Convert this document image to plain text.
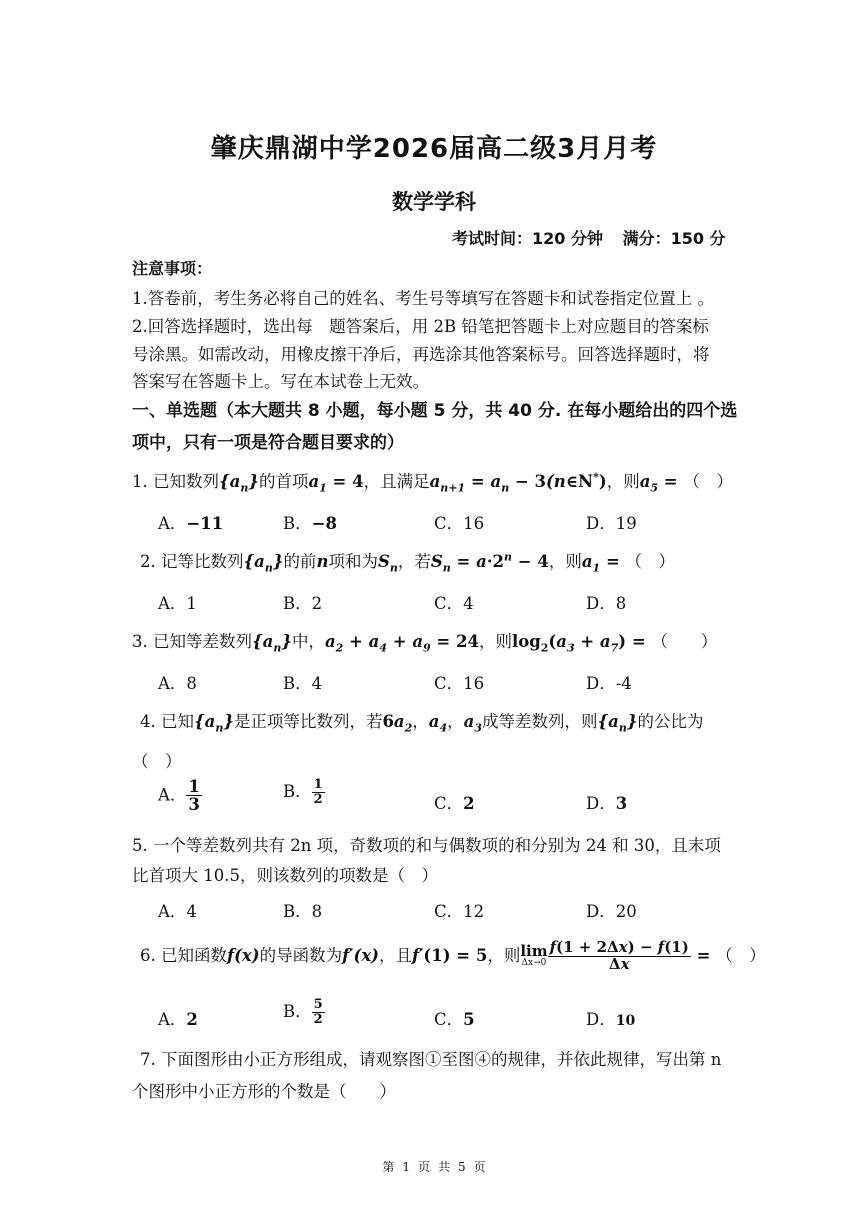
肇庆鼎湖中学2026届高二级3月月考
数学学科
考试时间：120 分钟 满分：150 分
注意事项：
1.答卷前，考生务必将自己的姓名、考生号等填写在答题卡和试卷指定位置上 。
2.回答选择题时，选出每　题答案后，用 2B 铅笔把答题卡上对应题目的答案标
号涂黑。如需改动，用橡皮擦干净后，再选涂其他答案标号。回答选择题时，将
答案写在答题卡上。写在本试卷上无效。
一、单选题（本大题共 8 小题，每小题 5 分，共 40 分. 在每小题给出的四个选
项中，只有一项是符合题目要求的）
1. 已知数列$\{a_n\}$的首项$a_1 = 4$，且满足$a_{n+1} = a_n$ − 3(n∈N*)，则$a_5$ = （　）
A．−11	B．−8	C．16	D．19
2. 记等比数列$\{a_n\}$的前n项和为$S_n$，若$S_n = a\cdot 2^n - 4$，则$a_1$ = （　）
A．1	B．2	C．4	D．8
3. 已知等差数列$\{a_n\}$中，$a_2 + a_4 + a_9 = 24$，则$\log_2(a_3 + a_7)$ = （　　）
A．8	B．4	C．16	D．-4
4. 已知$\{a_n\}$是正项等比数列，若$6a_2$，$a_4$，$a_3$成等差数列，则$\{a_n\}$的公比为
（　）
A． $\frac{1}{3}$	B． $\frac{1}{2}$	C．2	D．3
5. 一个等差数列共有 2n 项，奇数项的和与偶数项的和分别为 24 和 30，且末项
比首项大 10.5，则该数列的项数是（　）
A．4	B．8	C．12	D．20
6. 已知函数f(x)的导函数为f′(x)，且f′(1) = 5，则 lim
$\Delta x\to 0 \frac{f(1 + 2\Delta x) - f(1)}{\Delta x}$ = （　）
A．2	B． $\frac{5}{2}$	C．5	D．10
7. 下面图形由小正方形组成，请观察图①至图④的规律，并依此规律，写出第 n
个图形中小正方形的个数是（　　）
第 1 页 共 5 页
